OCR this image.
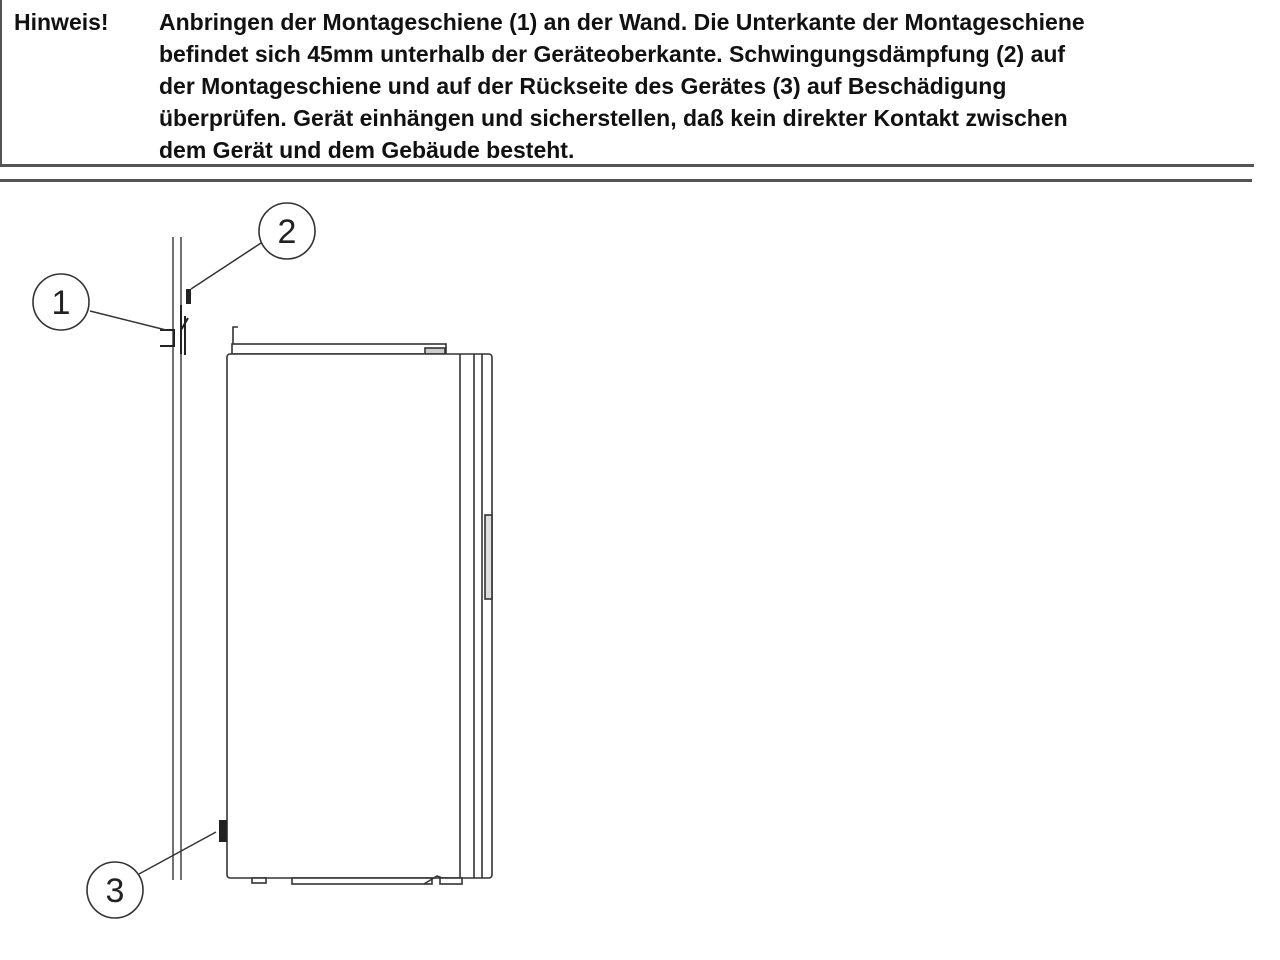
Hinweis! Anbringen der Montageschiene (1) an der Wand. Die Unterkante der Montageschiene
befindet sich 45mm unterhalb der Geräteoberkante. Schwingungsdämpfung (2) auf
der Montageschiene und auf der Rückseite des Gerätes (3) auf Beschädigung
überprüfen. Gerät einhängen und sicherstellen, daß kein direkter Kontakt zwischen
dem Gerät und dem Gebäude besteht.
1
2
3
